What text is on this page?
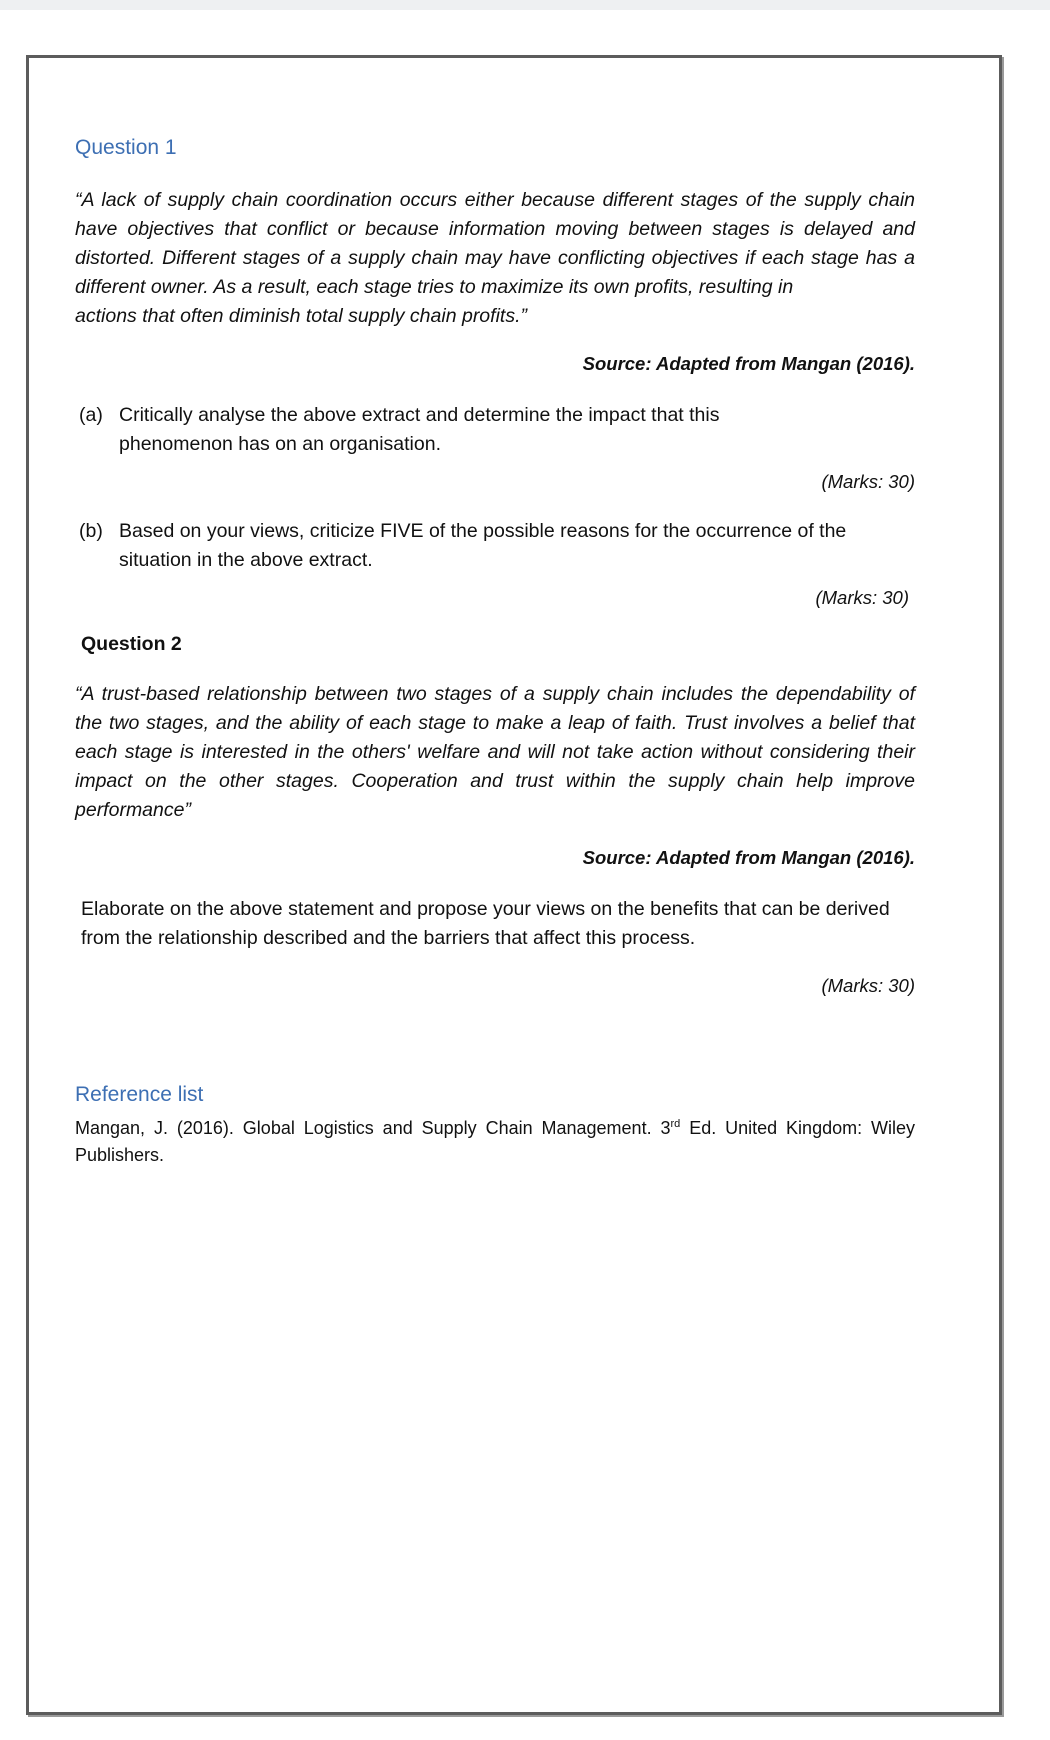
Question 1

“A lack of supply chain coordination occurs either because different stages of the supply chain have objectives that conflict or because information moving between stages is delayed and distorted. Different stages of a supply chain may have conflicting objectives if each stage has a different owner. As a result, each stage tries to maximize its own profits, resulting in

actions that often diminish total supply chain profits.”

Source: Adapted from Mangan (2016).

(a) Critically analyse the above extract and determine the impact that this phenomenon has on an organisation.

(Marks: 30)

(b) Based on your views, criticize FIVE of the possible reasons for the occurrence of the situation in the above extract.

(Marks: 30)

Question 2

“A trust-based relationship between two stages of a supply chain includes the dependability of the two stages, and the ability of each stage to make a leap of faith. Trust involves a belief that each stage is interested in the others' welfare and will not take action without considering their impact on the other stages. Cooperation and trust within the supply chain help improve performance”

Source: Adapted from Mangan (2016).

Elaborate on the above statement and propose your views on the benefits that can be derived from the relationship described and the barriers that affect this process.

(Marks: 30)

Reference list

Mangan, J. (2016). Global Logistics and Supply Chain Management. 3rd Ed. United Kingdom: Wiley Publishers.
